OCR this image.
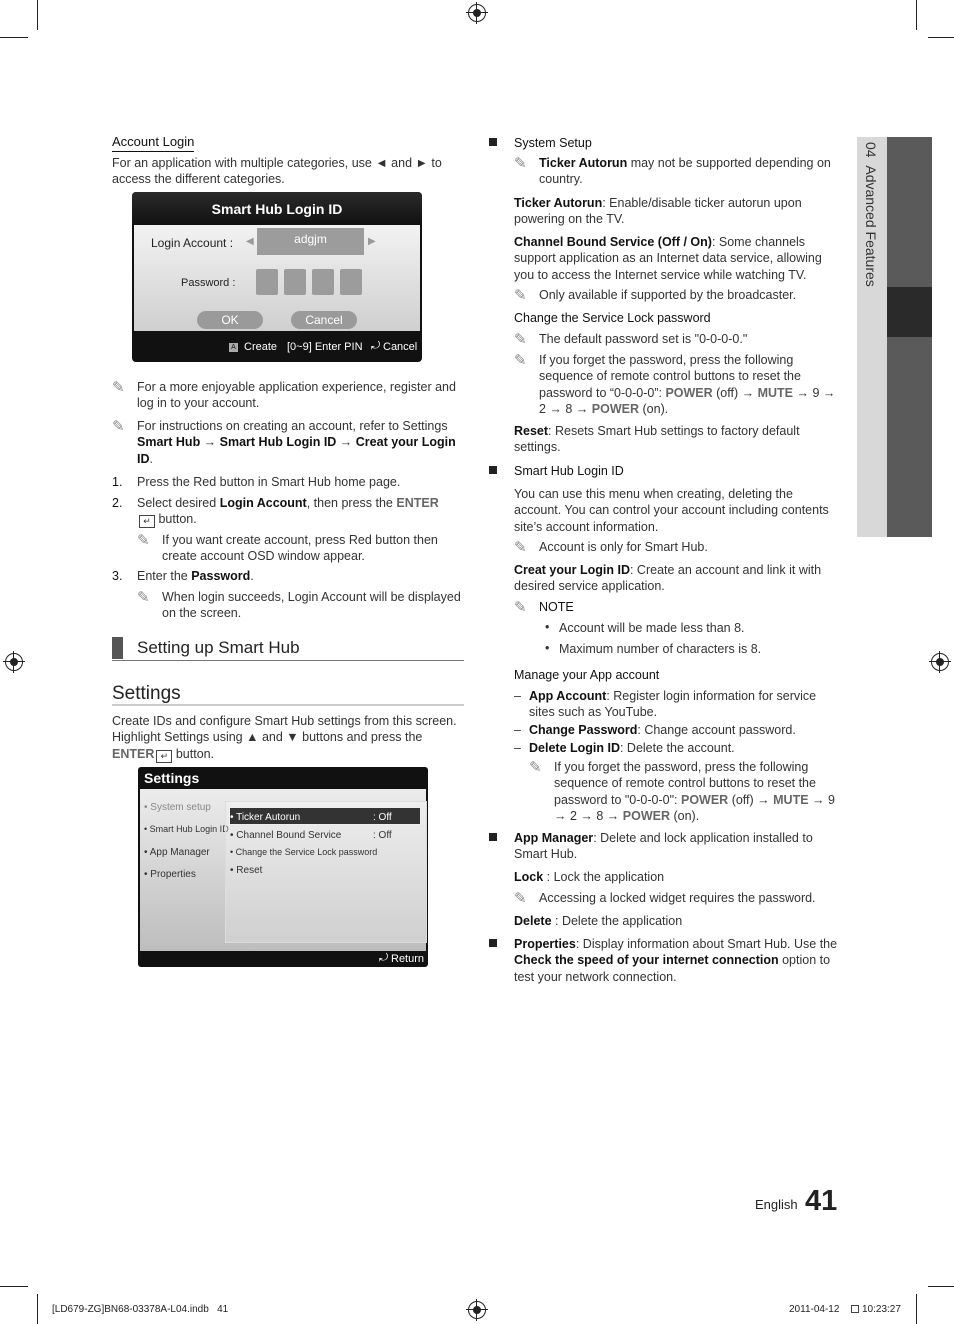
04  Advanced Features
Account Login
For an application with multiple categories, use ◄ and ► to access the different categories.
Smart Hub Login ID
Login Account : ◀	adgjm	▶
Password :
OK	Cancel
A Create [0~9] Enter PIN ⤾ Cancel
✎ For a more enjoyable application experience, register and log in to your account.
✎ For instructions on creating an account, refer to Settings Smart Hub → Smart Hub Login ID → Creat your Login ID.
1. Press the Red button in Smart Hub home page.
2. Select desired Login Account, then press the ENTER↵ button.
✎ If you want create account, press Red button then create account OSD window appear.
3. Enter the Password.
✎ When login succeeds, Login Account will be displayed on the screen.
Setting up Smart Hub
Settings
Create IDs and configure Smart Hub settings from this screen. Highlight Settings using ▲ and ▼ buttons and press the ENTER ↵ button.
Settings
• System setup
• Smart Hub Login ID
• App Manager
• Properties
• Ticker Autorun	: Off
• Channel Bound Service	: Off
• Change the Service Lock password
• Reset
⤾ Return
System Setup
✎ Ticker Autorun may not be supported depending on country.
Ticker Autorun: Enable/disable ticker autorun upon powering on the TV.
Channel Bound Service (Off / On): Some channels support application as an Internet data service, allowing you to access the Internet service while watching TV.
✎ Only available if supported by the broadcaster.
Change the Service Lock password
✎ The default password set is "0-0-0-0."
✎ If you forget the password, press the following sequence of remote control buttons to reset the password to “0-0-0-0”: POWER (off) → MUTE → 9 → 2 → 8 → POWER (on).
Reset: Resets Smart Hub settings to factory default settings.
Smart Hub Login ID
You can use this menu when creating, deleting the account. You can control your account including contents site’s account information.
✎ Account is only for Smart Hub.
Creat your Login ID: Create an account and link it with desired service application.
✎ NOTE
• Account will be made less than 8.
• Maximum number of characters is 8.
Manage your App account
– App Account: Register login information for service sites such as YouTube.
– Change Password: Change account password.
– Delete Login ID: Delete the account.
✎ If you forget the password, press the following sequence of remote control buttons to reset the password to "0-0-0-0": POWER (off) → MUTE → 9 → 2 → 8 → POWER (on).
App Manager: Delete and lock application installed to Smart Hub.
Lock : Lock the application
✎ Accessing a locked widget requires the password.
Delete : Delete the application
Properties: Display information about Smart Hub. Use the Check the speed of your internet connection option to test your network connection.
English 41
[LD679-ZG]BN68-03378A-L04.indb   41	2011-04-12 10:23:27
